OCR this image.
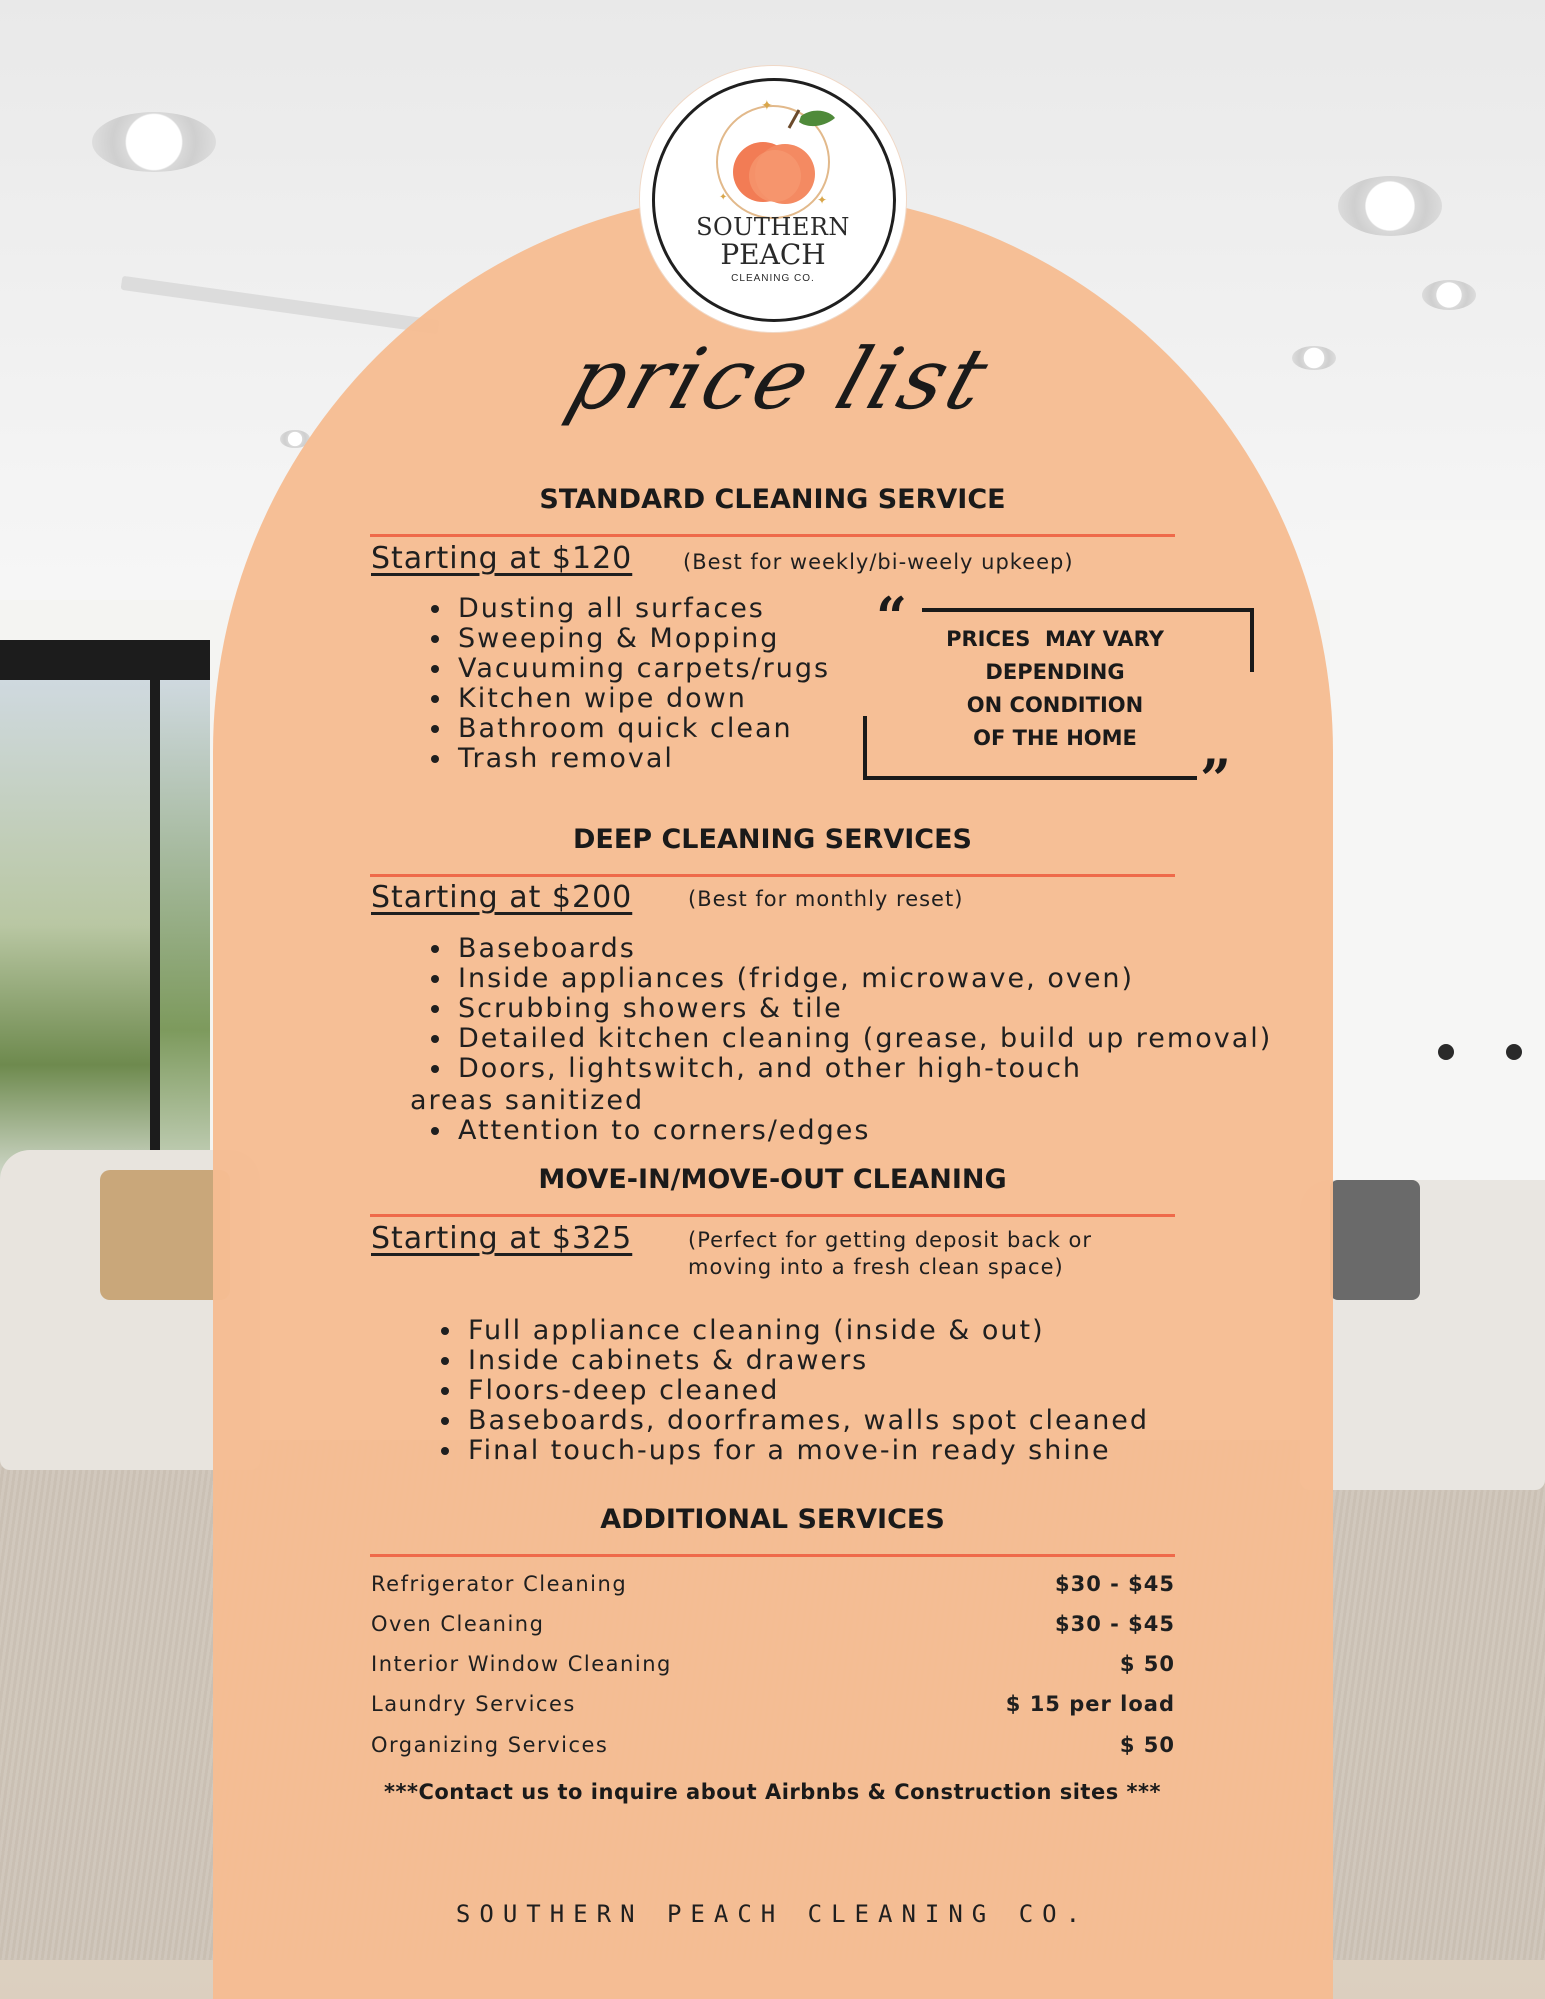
✦
✦
✦
SOUTHERN
PEACH
CLEANING CO.
price list
STANDARD CLEANING SERVICE
Starting at $120 (Best for weekly/bi-weely upkeep)
• Dusting all surfaces
• Sweeping & Mopping
• Vacuuming carpets/rugs
• Kitchen wipe down
• Bathroom quick clean
• Trash removal
“
”
PRICES  MAY VARY
DEPENDING
ON CONDITION
OF THE HOME
DEEP CLEANING SERVICES
Starting at $200	(Best for monthly reset)
• Baseboards
• Inside appliances (fridge, microwave, oven)
• Scrubbing showers & tile
• Detailed kitchen cleaning (grease, build up removal)
• Doors, lightswitch, and other high-touch
areas sanitized
• Attention to corners/edges
MOVE-IN/MOVE-OUT CLEANING
Starting at $325	(Perfect for getting deposit back or
moving into a fresh clean space)
• Full appliance cleaning (inside & out)
• Inside cabinets & drawers
• Floors-deep cleaned
• Baseboards, doorframes, walls spot cleaned
• Final touch-ups for a move-in ready shine
ADDITIONAL SERVICES
Refrigerator Cleaning	$30 - $45
Oven Cleaning	$30 - $45
Interior Window Cleaning	$ 50
Laundry Services	$ 15 per load
Organizing Services	$ 50
***Contact us to inquire about Airbnbs & Construction sites ***
SOUTHERN PEACH CLEANING CO.
